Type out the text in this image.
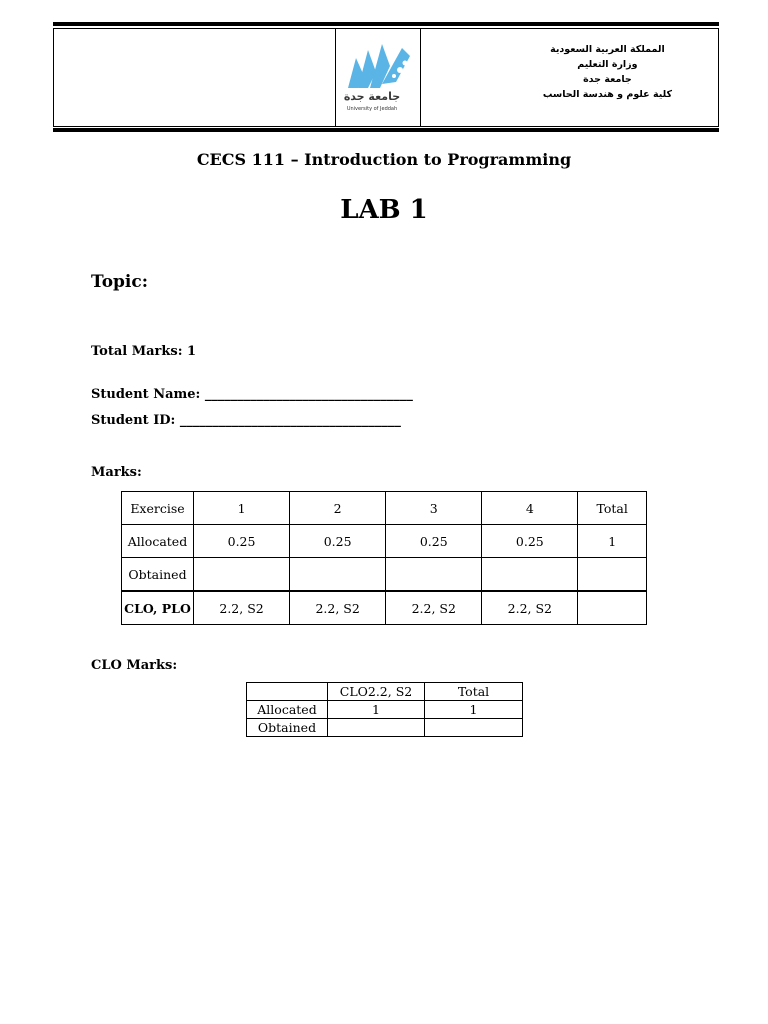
جامعة جدة
University of Jeddah
المملكة العربية السعودية
وزارة التعليم
جامعة جدة
كلية علوم و هندسة الحاسب
CECS 111 – Introduction to Programming
LAB 1
Topic:
Total Marks: 1
Student Name: ________________________________
Student ID: __________________________________
Marks:
Exercise	1	2	3	4	Total
Allocated	0.25	0.25	0.25	0.25	1
Obtained					
CLO, PLO	2.2, S2	2.2, S2	2.2, S2	2.2, S2	
CLO Marks:
	CLO2.2, S2	Total
Allocated	1	1
Obtained		
